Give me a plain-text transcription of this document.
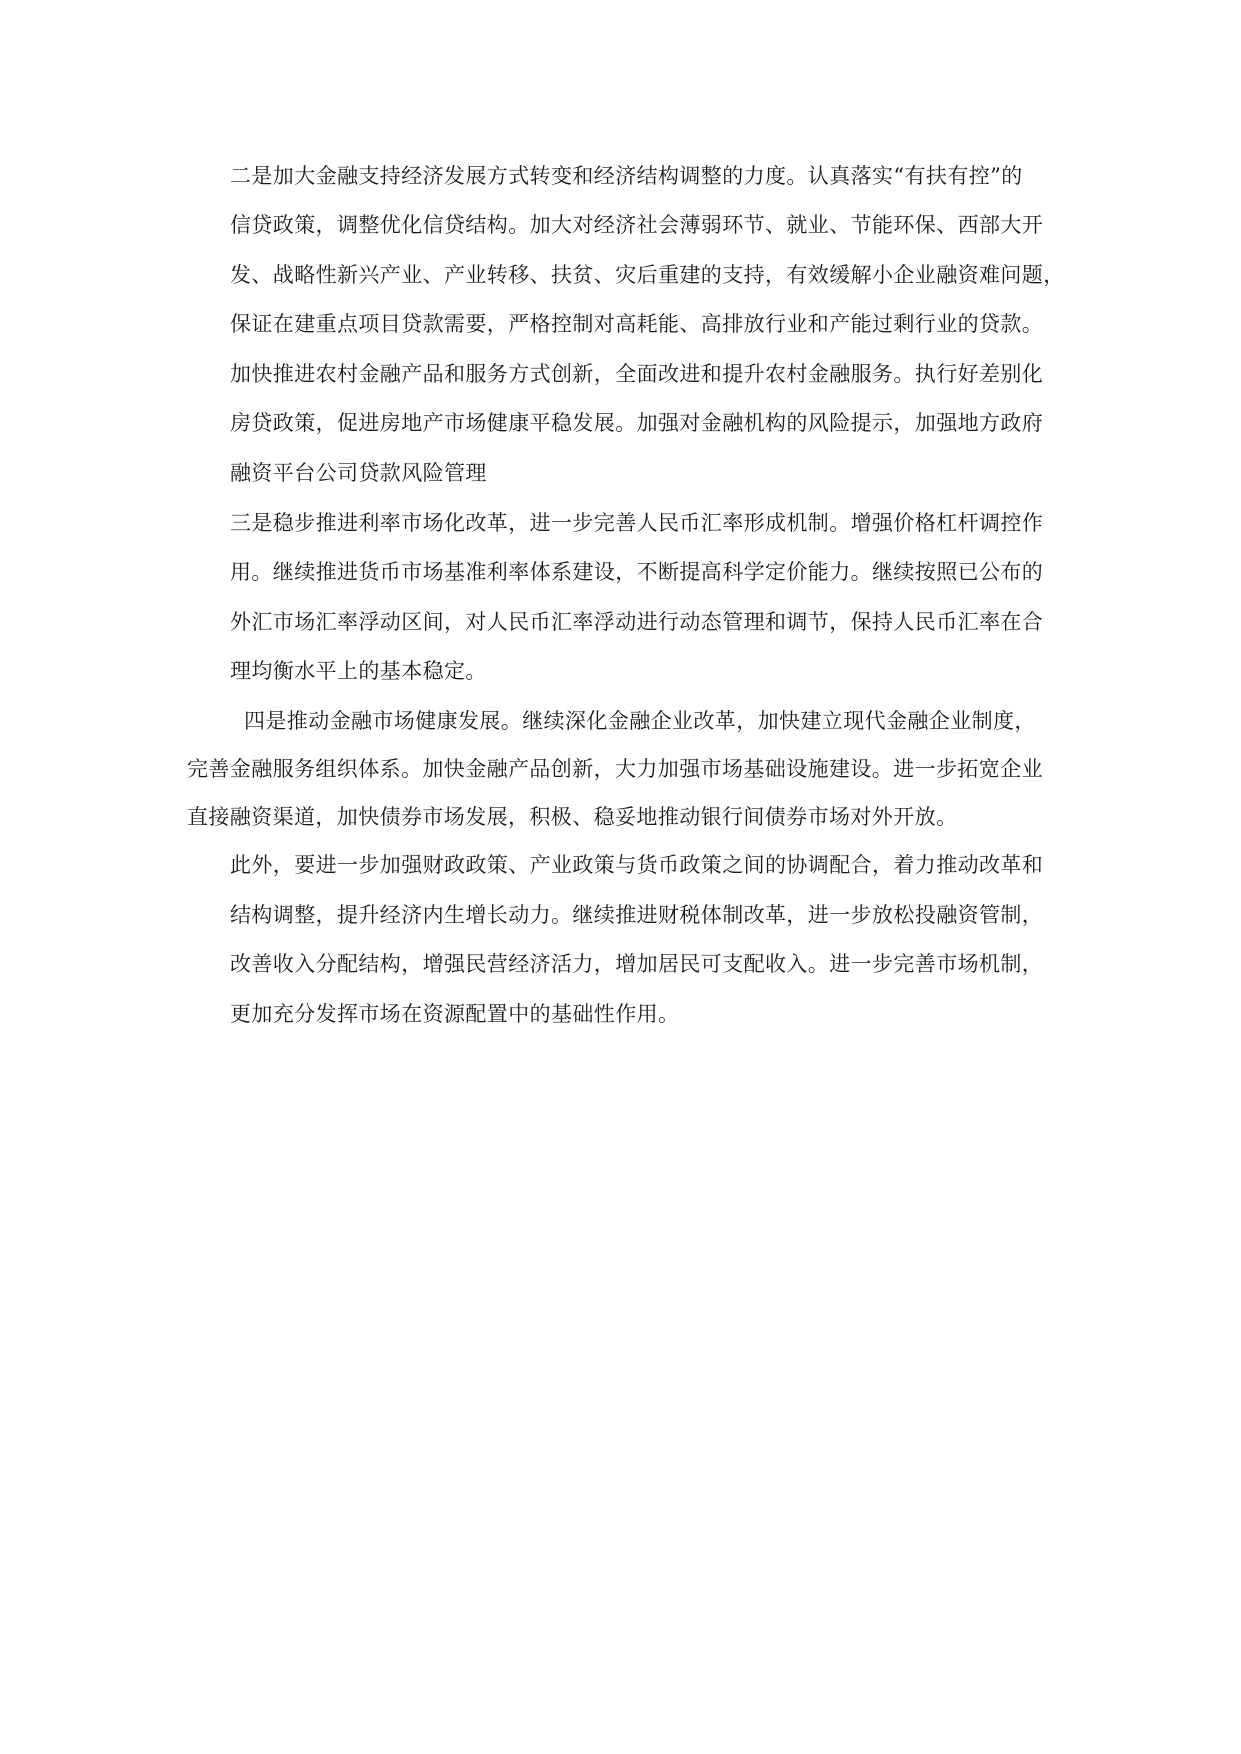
二是加大金融支持经济发展方式转变和经济结构调整的力度。认真落实“有扶有控”的
信贷政策，调整优化信贷结构。加大对经济社会薄弱环节、就业、节能环保、西部大开
发、战略性新兴产业、产业转移、扶贫、灾后重建的支持，有效缓解小企业融资难问题，
保证在建重点项目贷款需要，严格控制对高耗能、高排放行业和产能过剩行业的贷款。
加快推进农村金融产品和服务方式创新，全面改进和提升农村金融服务。执行好差别化
房贷政策，促进房地产市场健康平稳发展。加强对金融机构的风险提示，加强地方政府
融资平台公司贷款风险管理
三是稳步推进利率市场化改革，进一步完善人民币汇率形成机制。增强价格杠杆调控作
用。继续推进货币市场基准利率体系建设，不断提高科学定价能力。继续按照已公布的
外汇市场汇率浮动区间，对人民币汇率浮动进行动态管理和调节，保持人民币汇率在合
理均衡水平上的基本稳定。
四是推动金融市场健康发展。继续深化金融企业改革，加快建立现代金融企业制度，
完善金融服务组织体系。加快金融产品创新，大力加强市场基础设施建设。进一步拓宽企业
直接融资渠道，加快债券市场发展，积极、稳妥地推动银行间债券市场对外开放。
此外，要进一步加强财政政策、产业政策与货币政策之间的协调配合，着力推动改革和
结构调整，提升经济内生增长动力。继续推进财税体制改革，进一步放松投融资管制，
改善收入分配结构，增强民营经济活力，增加居民可支配收入。进一步完善市场机制，
更加充分发挥市场在资源配置中的基础性作用。
